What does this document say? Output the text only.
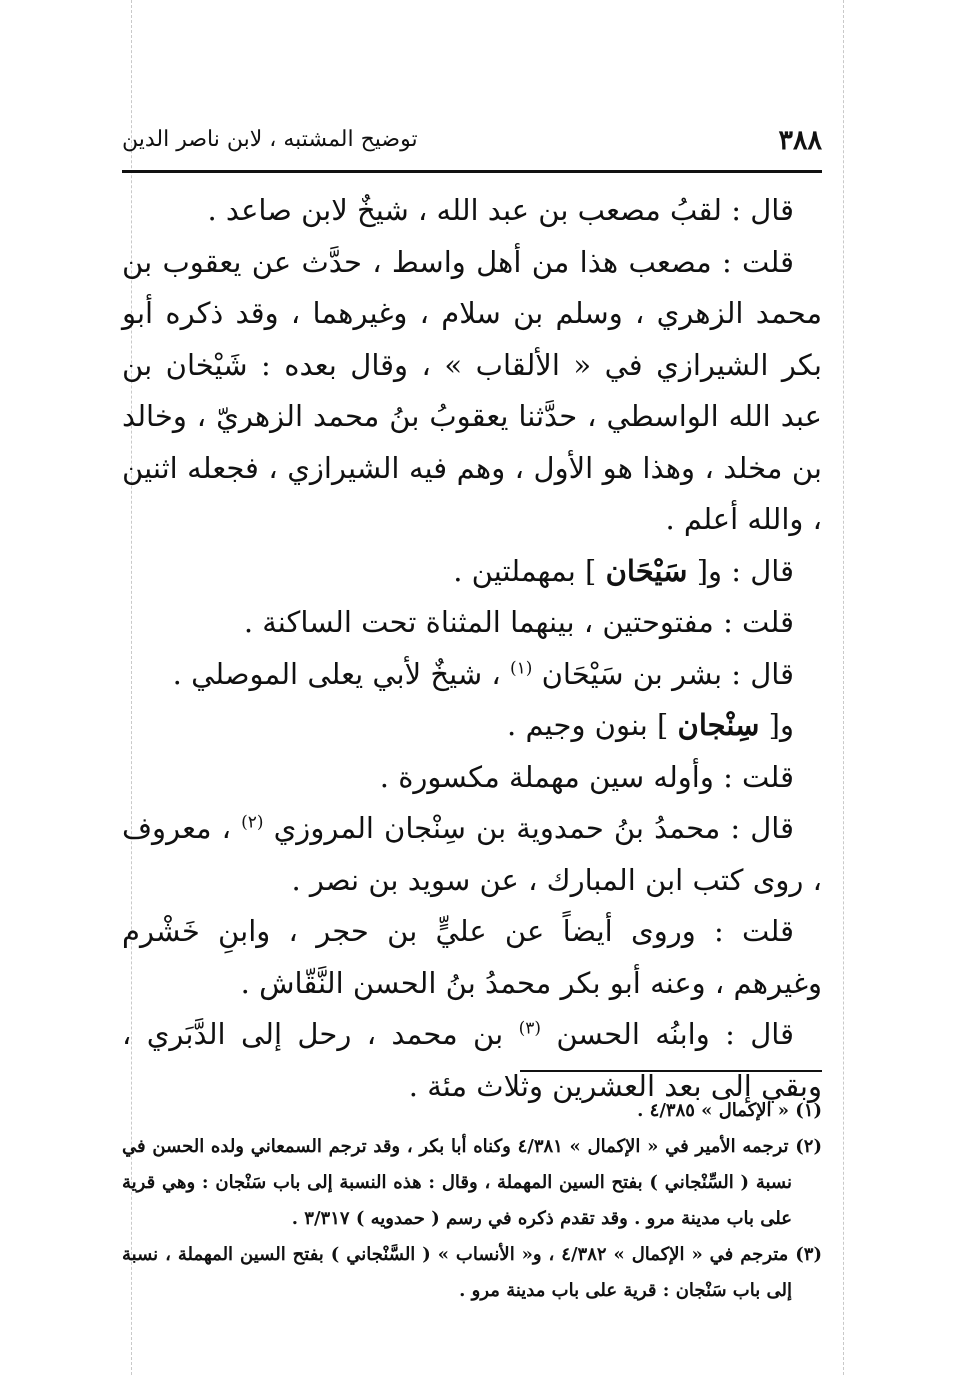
٣٨٨
توضيح المشتبه ، لابن ناصر الدين

قال : لقبُ مصعب بن عبد الله ، شيخٌ لابن صاعد .

قلت : مصعب هذا من أهل واسط ، حدَّث عن يعقوب بن محمد الزهري ، وسلم بن سلام ، وغيرهما ، وقد ذكره أبو بكر الشيرازي في « الألقاب » ، وقال بعده : شَيْخان بن عبد الله الواسطي ، حدَّثنا يعقوبُ بنُ محمد الزهريّ ، وخالد بن مخلد ، وهذا هو الأول ، وهم فيه الشيرازي ، فجعله اثنين ، والله أعلم .

قال : و[ سَيْحَان ] بمهملتين .

قلت : مفتوحتين ، بينهما المثناة تحت الساكنة .

قال : بشر بن سَيْحَان $^{(١)}$ ، شيخٌ لأبي يعلى الموصلي .

و[ سِنْجان ] بنون وجيم .

قلت : وأوله سين مهملة مكسورة .

قال : محمدُ بنُ حمدوية بن سِنْجان المروزي $^{(٢)}$ ، معروف ، روى كتب ابن المبارك ، عن سويد بن نصر .

قلت : وروى أيضاً عن عليٍّ بن حجر ، وابنِ خَشْرم وغيرهم ، وعنه أبو بكر محمدُ بنُ الحسن النَّقّاش .

قال : وابنُه الحسن $^{(٣)}$ بن محمد ، رحل إلى الدَّبَري ، وبقي إلى بعد العشرين وثلاث مئة .

(١) « الإكمال » ٤/٣٨٥ .

(٢) ترجمه الأمير في « الإكمال » ٤/٣٨١ وكناه أبا بكر ، وقد ترجم السمعاني ولده الحسن في نسبة ( السِّنْجاني ) بفتح السين المهملة ، وقال : هذه النسبة إلى باب سَنْجان : وهي قرية على باب مدينة مرو . وقد تقدم ذكره في رسم ( حمدويه ) ٣/٣١٧ .

(٣) مترجم في « الإكمال » ٤/٣٨٢ ، و« الأنساب » ( السَّنْجاني ) بفتح السين المهملة ، نسبة إلى باب سَنْجان : قرية على باب مدينة مرو .
